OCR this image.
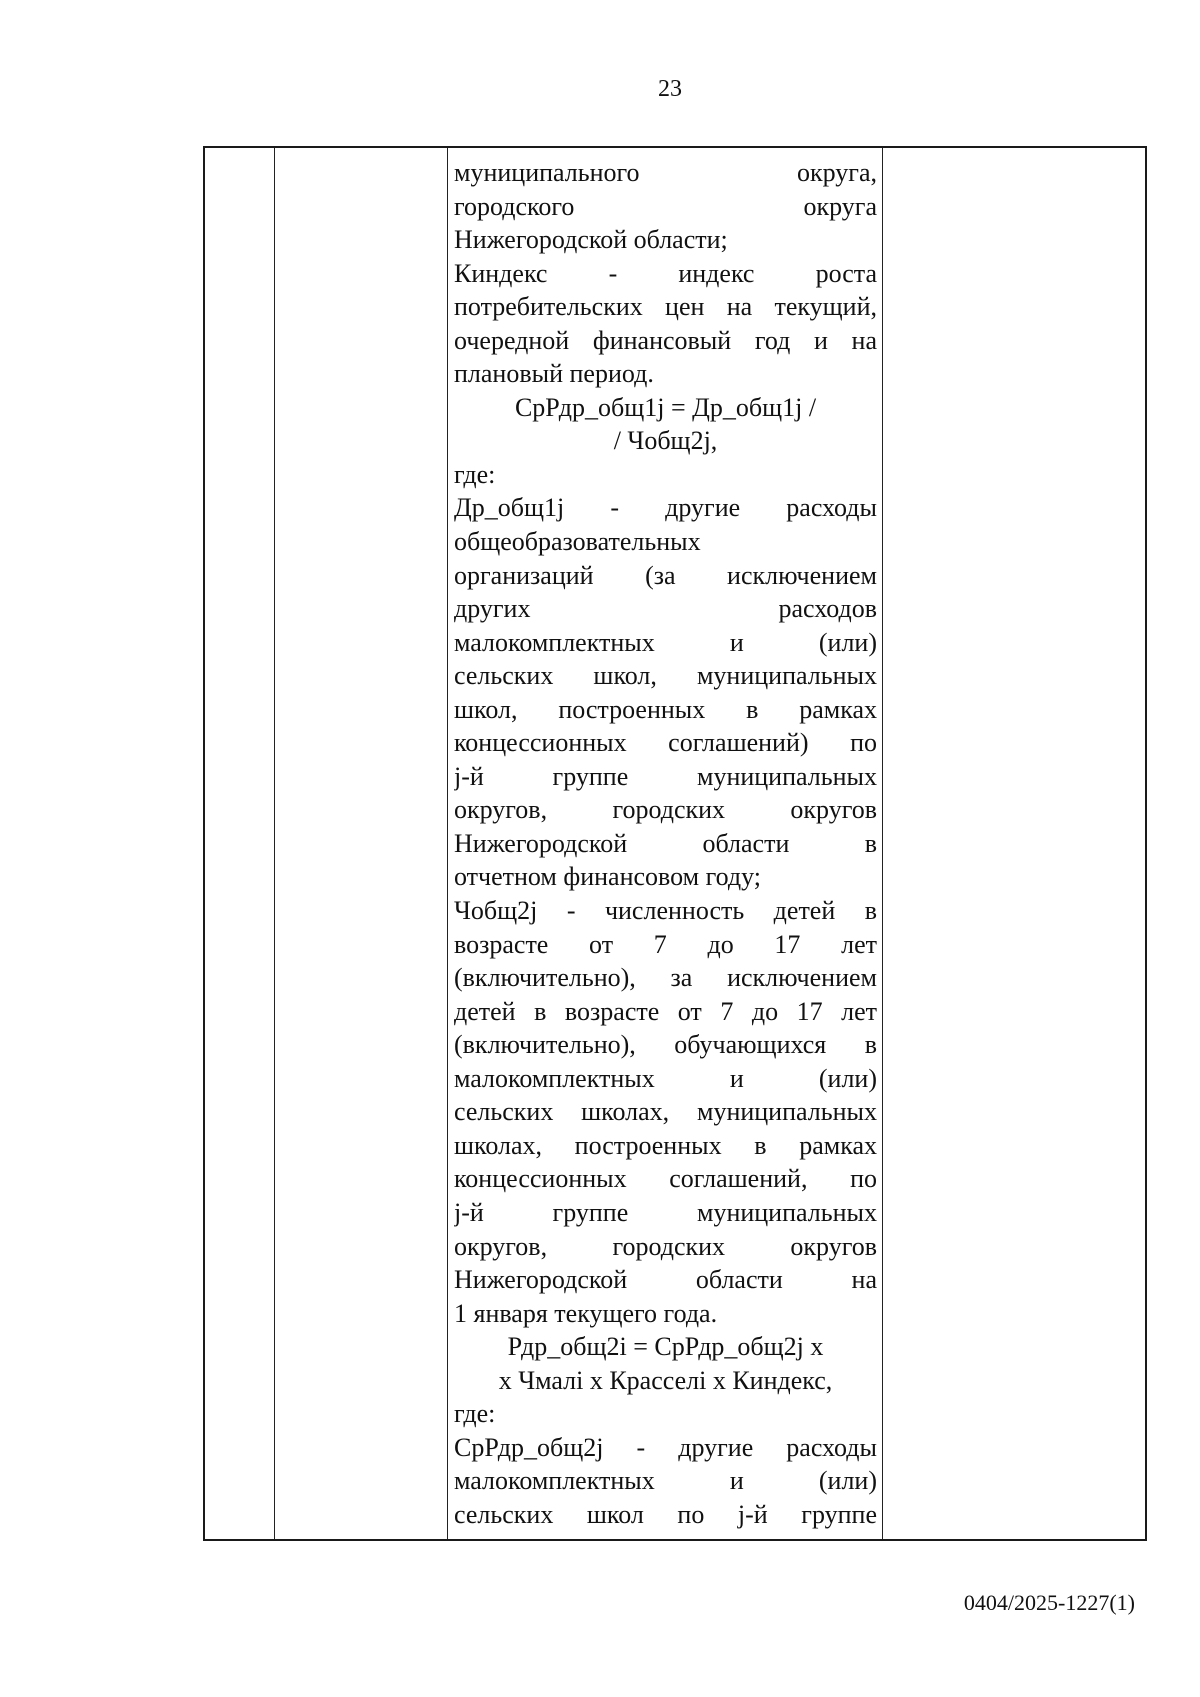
23
муниципального округа,
городского округа
Нижегородской области;
Киндекс - индекс роста
потребительских цен на текущий,
очередной финансовый год и на
плановый период.
СрРдр_общ1j = Др_общ1j /
/ Чобщ2j,
где:
Др_общ1j - другие расходы
общеобразовательных
организаций (за исключением
других расходов
малокомплектных и (или)
сельских школ, муниципальных
школ, построенных в рамках
концессионных соглашений) по
j-й группе муниципальных
округов, городских округов
Нижегородской области в
отчетном финансовом году;
Чобщ2j - численность детей в
возрасте от 7 до 17 лет
(включительно), за исключением
детей в возрасте от 7 до 17 лет
(включительно), обучающихся в
малокомплектных и (или)
сельских школах, муниципальных
школах, построенных в рамках
концессионных соглашений, по
j-й группе муниципальных
округов, городских округов
Нижегородской области на
1 января текущего года.
Рдр_общ2i = СрРдр_общ2j x
x Чмалi x Красселi x Киндекс,
где:
СрРдр_общ2j - другие расходы
малокомплектных и (или)
сельских школ по j-й группе
0404/2025-1227(1)
